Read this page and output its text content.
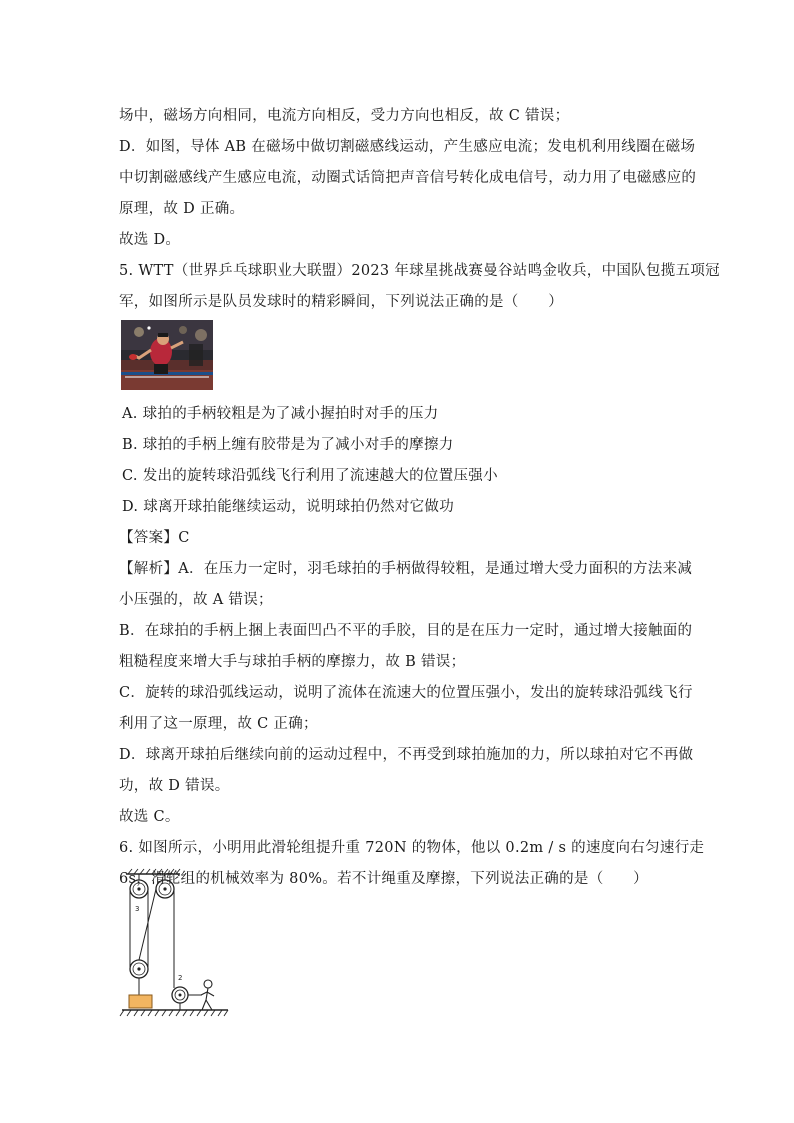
场中，磁场方向相同，电流方向相反，受力方向也相反，故 C 错误；
D．如图，导体 AB 在磁场中做切割磁感线运动，产生感应电流；发电机利用线圈在磁场
中切割磁感线产生感应电流，动圈式话筒把声音信号转化成电信号，动力用了电磁感应的
原理，故 D 正确。
故选 D。
5. WTT（世界乒乓球职业大联盟）2023 年球星挑战赛曼谷站鸣金收兵，中国队包揽五项冠
军，如图所示是队员发球时的精彩瞬间，下列说法正确的是（　　）
A. 球拍的手柄较粗是为了减小握拍时对手的压力
B. 球拍的手柄上缠有胶带是为了减小对手的摩擦力
C. 发出的旋转球沿弧线飞行利用了流速越大的位置压强小
D. 球离开球拍能继续运动，说明球拍仍然对它做功
【答案】C
【解析】A．在压力一定时，羽毛球拍的手柄做得较粗，是通过增大受力面积的方法来减
小压强的，故 A 错误；
B．在球拍的手柄上捆上表面凹凸不平的手胶，目的是在压力一定时，通过增大接触面的
粗糙程度来增大手与球拍手柄的摩擦力，故 B 错误；
C．旋转的球沿弧线运动，说明了流体在流速大的位置压强小，发出的旋转球沿弧线飞行
利用了这一原理，故 C 正确；
D．球离开球拍后继续向前的运动过程中，不再受到球拍施加的力，所以球拍对它不再做
功，故 D 错误。
故选 C。
6. 如图所示，小明用此滑轮组提升重 720N 的物体，他以 0.2m / s 的速度向右匀速行走
6s，滑轮组的机械效率为 80%。若不计绳重及摩擦，下列说法正确的是（　　）
3
2
